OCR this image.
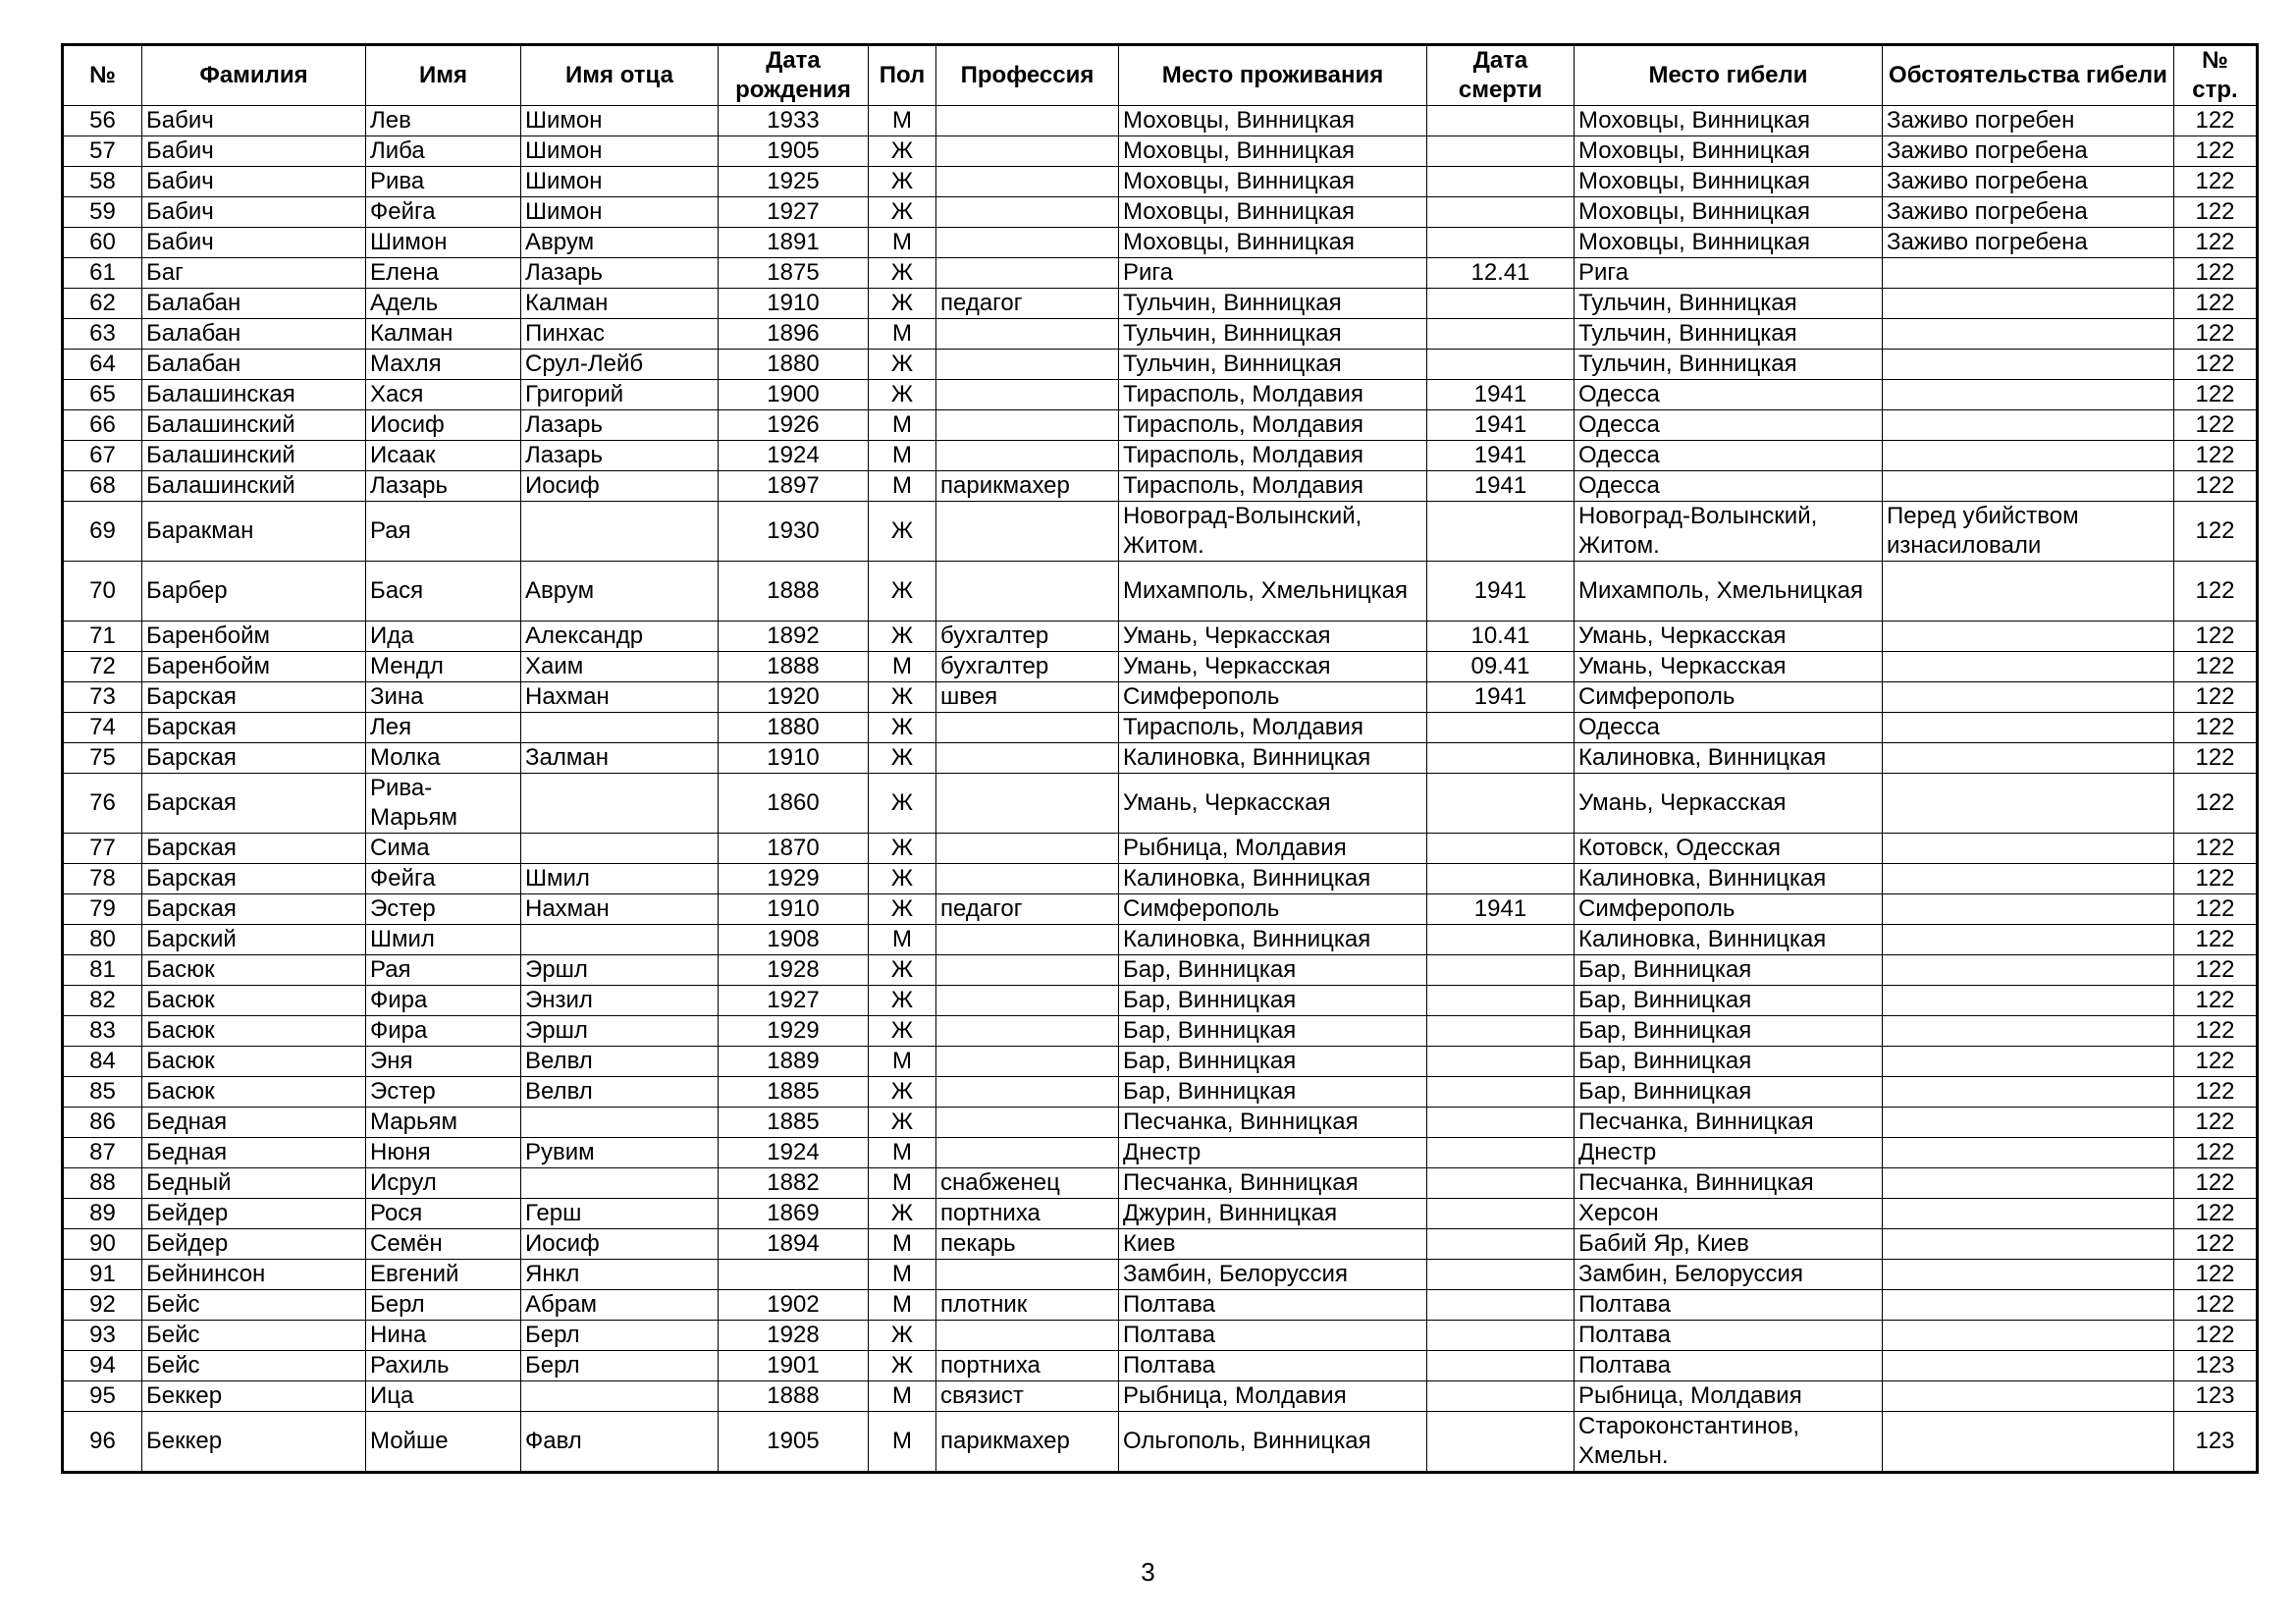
№	Фамилия	Имя	Имя отца	Дата рождения	Пол	Профессия	Место проживания	Дата смерти	Место гибели	Обстоятельства гибели	№ стр.
56	Бабич	Лев	Шимон	1933	М		Моховцы, Винницкая		Моховцы, Винницкая	Заживо погребен	122
57	Бабич	Либа	Шимон	1905	Ж		Моховцы, Винницкая		Моховцы, Винницкая	Заживо погребена	122
58	Бабич	Рива	Шимон	1925	Ж		Моховцы, Винницкая		Моховцы, Винницкая	Заживо погребена	122
59	Бабич	Фейга	Шимон	1927	Ж		Моховцы, Винницкая		Моховцы, Винницкая	Заживо погребена	122
60	Бабич	Шимон	Аврум	1891	М		Моховцы, Винницкая		Моховцы, Винницкая	Заживо погребена	122
61	Баг	Елена	Лазарь	1875	Ж		Рига	12.41	Рига		122
62	Балабан	Адель	Калман	1910	Ж	педагог	Тульчин, Винницкая		Тульчин, Винницкая		122
63	Балабан	Калман	Пинхас	1896	М		Тульчин, Винницкая		Тульчин, Винницкая		122
64	Балабан	Махля	Срул-Лейб	1880	Ж		Тульчин, Винницкая		Тульчин, Винницкая		122
65	Балашинская	Хася	Григорий	1900	Ж		Тирасполь, Молдавия	1941	Одесса		122
66	Балашинский	Иосиф	Лазарь	1926	М		Тирасполь, Молдавия	1941	Одесса		122
67	Балашинский	Исаак	Лазарь	1924	М		Тирасполь, Молдавия	1941	Одесса		122
68	Балашинский	Лазарь	Иосиф	1897	М	парикмахер	Тирасполь, Молдавия	1941	Одесса		122
69	Баракман	Рая		1930	Ж		Новоград-Волынский, Житом.		Новоград-Волынский, Житом.	Перед убийством изнасиловали	122
70	Барбер	Бася	Аврум	1888	Ж		Михамполь, Хмельницкая	1941	Михамполь, Хмельницкая		122
71	Баренбойм	Ида	Александр	1892	Ж	бухгалтер	Умань, Черкасская	10.41	Умань, Черкасская		122
72	Баренбойм	Мендл	Хаим	1888	М	бухгалтер	Умань, Черкасская	09.41	Умань, Черкасская		122
73	Барская	Зина	Нахман	1920	Ж	швея	Симферополь	1941	Симферополь		122
74	Барская	Лея		1880	Ж		Тирасполь, Молдавия		Одесса		122
75	Барская	Молка	Залман	1910	Ж		Калиновка, Винницкая		Калиновка, Винницкая		122
76	Барская	Рива-Марьям		1860	Ж		Умань, Черкасская		Умань, Черкасская		122
77	Барская	Сима		1870	Ж		Рыбница, Молдавия		Котовск, Одесская		122
78	Барская	Фейга	Шмил	1929	Ж		Калиновка, Винницкая		Калиновка, Винницкая		122
79	Барская	Эстер	Нахман	1910	Ж	педагог	Симферополь	1941	Симферополь		122
80	Барский	Шмил		1908	М		Калиновка, Винницкая		Калиновка, Винницкая		122
81	Басюк	Рая	Эршл	1928	Ж		Бар, Винницкая		Бар, Винницкая		122
82	Басюк	Фира	Энзил	1927	Ж		Бар, Винницкая		Бар, Винницкая		122
83	Басюк	Фира	Эршл	1929	Ж		Бар, Винницкая		Бар, Винницкая		122
84	Басюк	Эня	Велвл	1889	М		Бар, Винницкая		Бар, Винницкая		122
85	Басюк	Эстер	Велвл	1885	Ж		Бар, Винницкая		Бар, Винницкая		122
86	Бедная	Марьям		1885	Ж		Песчанка, Винницкая		Песчанка, Винницкая		122
87	Бедная	Нюня	Рувим	1924	М		Днестр		Днестр		122
88	Бедный	Исрул		1882	М	снабженец	Песчанка, Винницкая		Песчанка, Винницкая		122
89	Бейдер	Рося	Герш	1869	Ж	портниха	Джурин, Винницкая		Херсон		122
90	Бейдер	Семён	Иосиф	1894	М	пекарь	Киев		Бабий Яр, Киев		122
91	Бейнинсон	Евгений	Янкл		М		Замбин, Белоруссия		Замбин, Белоруссия		122
92	Бейс	Берл	Абрам	1902	М	плотник	Полтава		Полтава		122
93	Бейс	Нина	Берл	1928	Ж		Полтава		Полтава		122
94	Бейс	Рахиль	Берл	1901	Ж	портниха	Полтава		Полтава		123
95	Беккер	Ица		1888	М	связист	Рыбница, Молдавия		Рыбница, Молдавия		123
96	Беккер	Мойше	Фавл	1905	М	парикмахер	Ольгополь, Винницкая		Староконстантинов, Хмельн.		123
3
